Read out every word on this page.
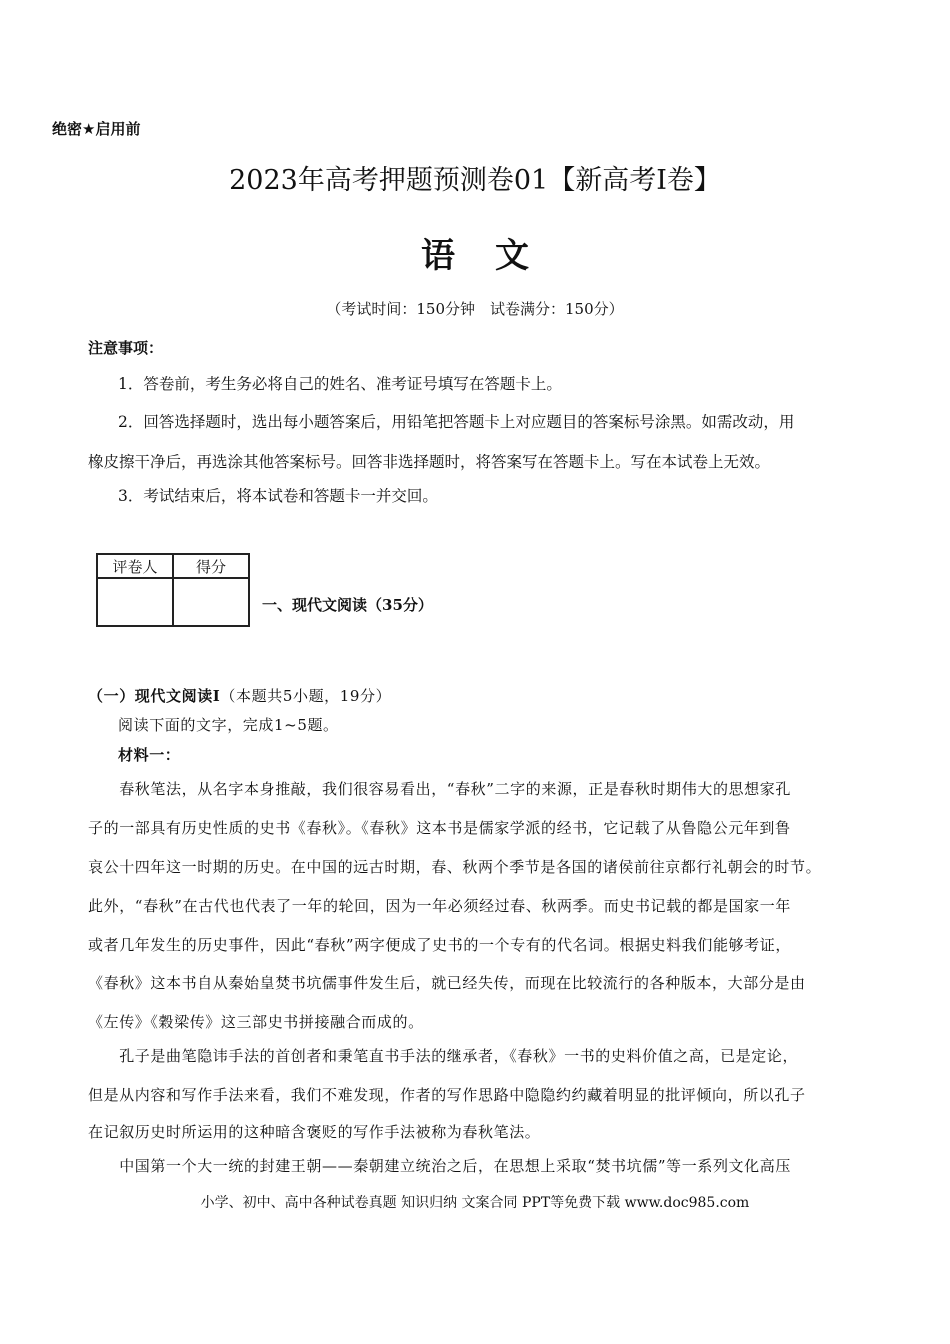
绝密★启用前
2023年高考押题预测卷01【新高考Ⅰ卷】
语文
（考试时间：150分钟　试卷满分：150分）
注意事项：
1．答卷前，考生务必将自己的姓名、准考证号填写在答题卡上。
2．回答选择题时，选出每小题答案后，用铅笔把答题卡上对应题目的答案标号涂黑。如需改动，用
橡皮擦干净后，再选涂其他答案标号。回答非选择题时，将答案写在答题卡上。写在本试卷上无效。
3．考试结束后，将本试卷和答题卡一并交回。
评卷人	得分

一、现代文阅读（35分）
（一）现代文阅读I（本题共5小题，19分）
阅读下面的文字，完成1~5题。
材料一：
　　春秋笔法，从名字本身推敲，我们很容易看出，“春秋”二字的来源，正是春秋时期伟大的思想家孔
子的一部具有历史性质的史书《春秋》。《春秋》这本书是儒家学派的经书，它记载了从鲁隐公元年到鲁
哀公十四年这一时期的历史。在中国的远古时期，春、秋两个季节是各国的诸侯前往京都行礼朝会的时节。
此外，“春秋”在古代也代表了一年的轮回，因为一年必须经过春、秋两季。而史书记载的都是国家一年
或者几年发生的历史事件，因此“春秋”两字便成了史书的一个专有的代名词。根据史料我们能够考证，
《春秋》这本书自从秦始皇焚书坑儒事件发生后，就已经失传，而现在比较流行的各种版本，大部分是由
《左传》《穀梁传》这三部史书拼接融合而成的。
　　孔子是曲笔隐讳手法的首创者和秉笔直书手法的继承者，《春秋》一书的史料价值之高，已是定论，
但是从内容和写作手法来看，我们不难发现，作者的写作思路中隐隐约约藏着明显的批评倾向，所以孔子
在记叙历史时所运用的这种暗含褒贬的写作手法被称为春秋笔法。
　　中国第一个大一统的封建王朝——秦朝建立统治之后，在思想上采取“焚书坑儒”等一系列文化高压
小学、初中、高中各种试卷真题 知识归纳 文案合同 PPT等免费下载 www.doc985.com
